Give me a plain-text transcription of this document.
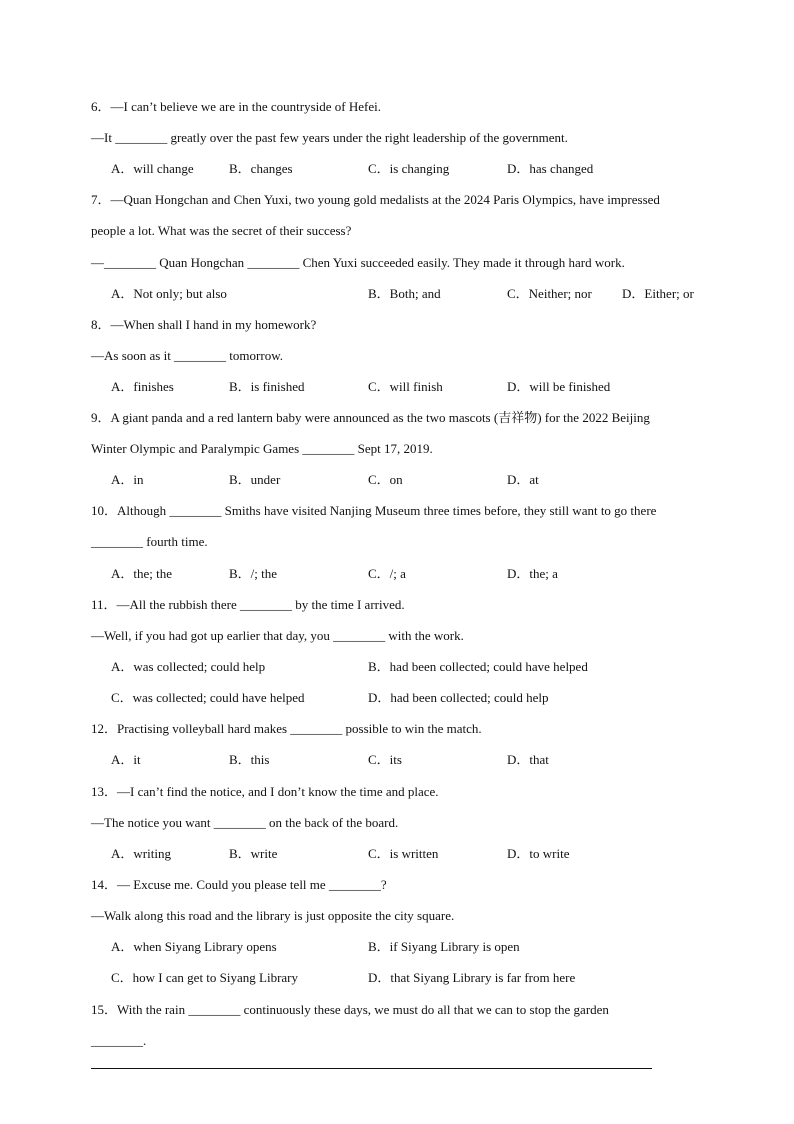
6．—I can’t believe we are in the countryside of Hefei.
—It ________ greatly over the past few years under the right leadership of the government.
A．will change	B．changes	C．is changing	D．has changed
7．—Quan Hongchan and Chen Yuxi, two young gold medalists at the 2024 Paris Olympics, have impressed
people a lot. What was the secret of their success?
—________ Quan Hongchan ________ Chen Yuxi succeeded easily. They made it through hard work.
A．Not only; but also	B．Both; and	C．Neither; nor D．Either; or
8．—When shall I hand in my homework?
—As soon as it ________ tomorrow.
A．finishes	B．is finished	C．will finish	D．will be finished
9．A giant panda and a red lantern baby were announced as the two mascots (吉祥物) for the 2022 Beijing
Winter Olympic and Paralympic Games ________ Sept 17, 2019.
A．in	B．under	C．on	D．at
10．Although ________ Smiths have visited Nanjing Museum three times before, they still want to go there
________ fourth time.
A．the; the	B．/; the	C．/; a	D．the; a
11．—All the rubbish there ________ by the time I arrived.
—Well, if you had got up earlier that day, you ________ with the work.
A．was collected; could help	B．had been collected; could have helped
C．was collected; could have helped	D．had been collected; could help
12．Practising volleyball hard makes ________ possible to win the match.
A．it	B．this	C．its	D．that
13．—I can’t find the notice, and I don’t know the time and place.
—The notice you want ________ on the back of the board.
A．writing	B．write	C．is written	D．to write
14．— Excuse me. Could you please tell me ________?
—Walk along this road and the library is just opposite the city square.
A．when Siyang Library opens	B．if Siyang Library is open
C．how I can get to Siyang Library	D．that Siyang Library is far from here
15．With the rain ________ continuously these days, we must do all that we can to stop the garden
________.
